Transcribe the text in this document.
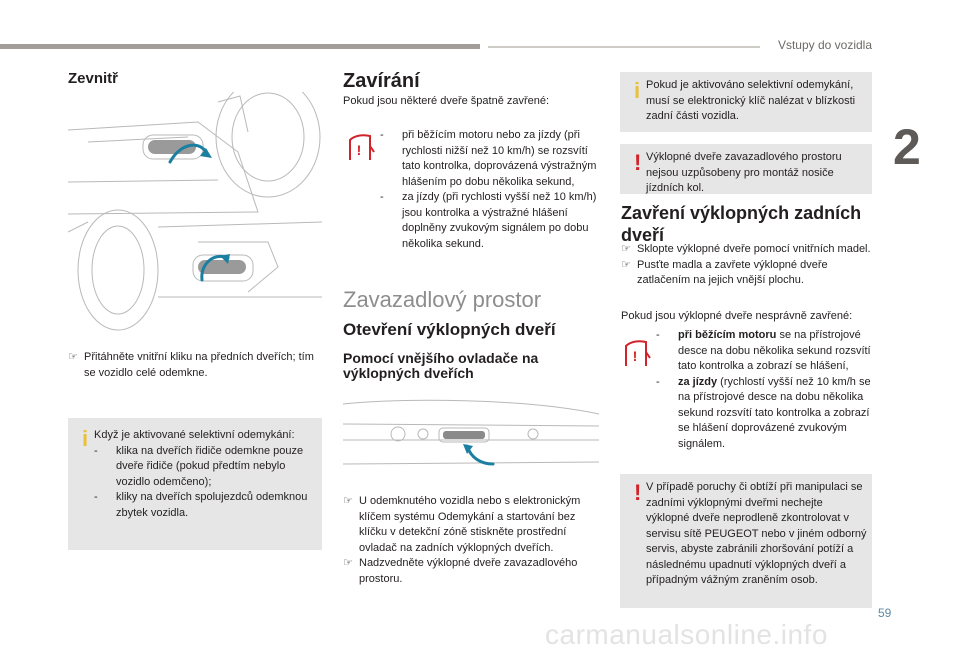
Vstupy do vozidla
2
59
carmanualsonline.info
Zevnitř
☞ Přitáhněte vnitřní kliku na předních dveřích; tím se vozidlo celé odemkne.
i Když je aktivované selektivní odemykání:
- klika na dveřích řidiče odemkne pouze dveře řidiče (pokud předtím nebylo vozidlo odemčeno);
- kliky na dveřích spolujezdců odemknou zbytek vozidla.
Zavírání
Pokud jsou některé dveře špatně zavřené:
!
- při běžícím motoru nebo za jízdy (při rychlosti nižší než 10 km/h) se rozsvítí tato kontrolka, doprovázená výstražným hlášením po dobu několika sekund,
- za jízdy (při rychlosti vyšší než 10 km/h) jsou kontrolka a výstražné hlášení doplněny zvukovým signálem po dobu několika sekund.
Zavazadlový prostor
Otevření výklopných dveří
Pomocí vnějšího ovladače na výklopných dveřích
☞ U odemknutého vozidla nebo s elektronickým klíčem systému Odemykání a startování bez klíčku v detekční zóně stiskněte prostřední ovladač na zadních výklopných dveřích.
☞ Nadzvedněte výklopné dveře zavazadlového prostoru.
i Pokud je aktivováno selektivní odemykání, musí se elektronický klíč nalézat v blízkosti zadní části vozidla.
! Výklopné dveře zavazadlového prostoru nejsou uzpůsobeny pro montáž nosiče jízdních kol.
Zavření výklopných zadních dveří
☞ Sklopte výklopné dveře pomocí vnitřních madel.
☞ Pusťte madla a zavřete výklopné dveře zatlačením na jejich vnější plochu.
Pokud jsou výklopné dveře nesprávně zavřené:
!
- při běžícím motoru se na přístrojové desce na dobu několika sekund rozsvítí tato kontrolka a zobrazí se hlášení,
- za jízdy (rychlostí vyšší než 10 km/h se na přístrojové desce na dobu několika sekund rozsvítí tato kontrolka a zobrazí se hlášení doprovázené zvukovým signálem.
! V případě poruchy či obtíží při manipulaci se zadními výklopnými dveřmi nechejte výklopné dveře neprodleně zkontrolovat v servisu sítě PEUGEOT nebo v jiném odborný servis, abyste zabránili zhoršování potíží a následnému upadnutí výklopných dveří a případným vážným zraněním osob.
